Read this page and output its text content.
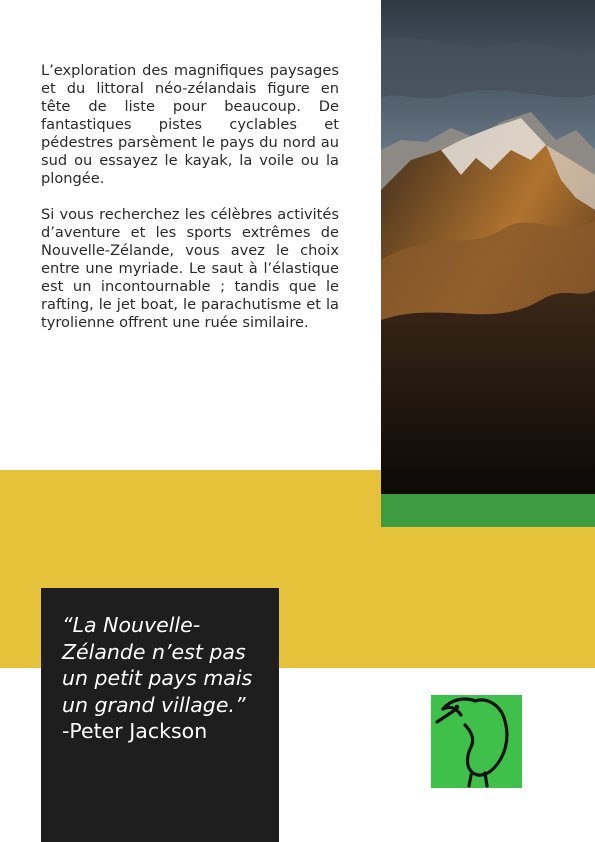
L’exploration des magnifiques paysages et du littoral néo-zélandais figure en tête de liste pour beaucoup. De fantastiques pistes cyclables et pédestres parsèment le pays du nord au sud ou essayez le kayak, la voile ou la plongée.

Si vous recherchez les célèbres activités d’aventure et les sports extrêmes de Nouvelle-Zélande, vous avez le choix entre une myriade. Le saut à l’élastique est un incontournable ; tandis que le rafting, le jet boat, le parachutisme et la tyrolienne offrent une ruée similaire.

“La Nouvelle-Zélande n’est pas un petit pays mais un grand village.”
-Peter Jackson
